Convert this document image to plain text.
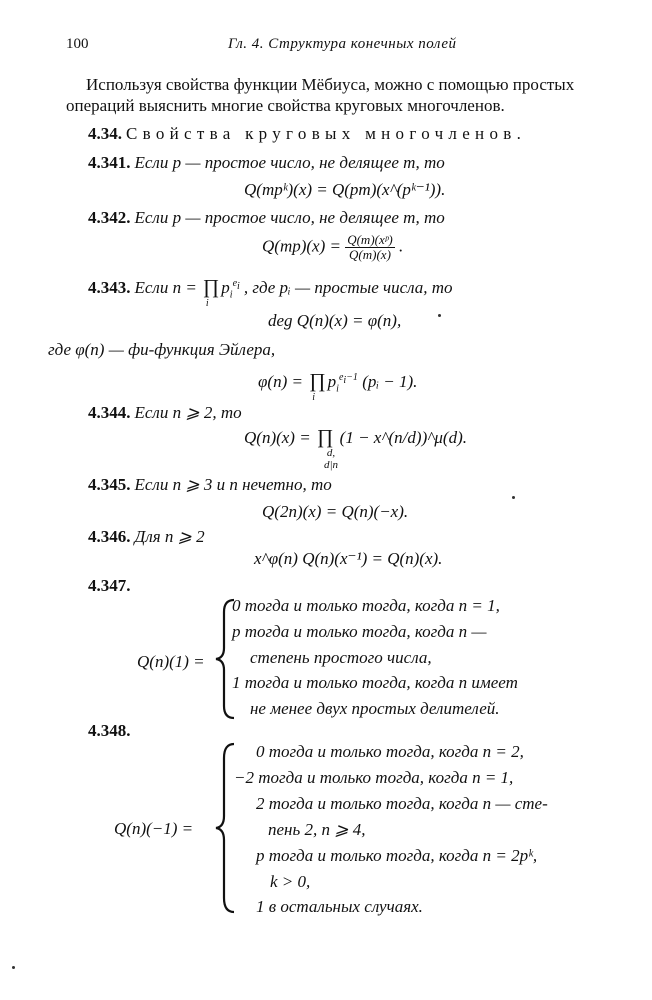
100	Гл. 4. Структура конечных полей
Используя свойства функции Мёбиуса, можно с помощью простых
операций выяснить многие свойства круговых многочленов.
4.34. Свойства круговых многочленов.
4.341. Если p — простое число, не делящее m, то
Q(mpᵏ)(x) = Q(pm)(x^(pᵏ⁻¹)).
4.342. Если p — простое число, не делящее m, то
$Q(mp)(x) = \frac{\text{Q(m)(xᵖ)}}{Q(m)(x)}$ .
4.343. Если n = ∏
i
$p_i^{e_i}$ , где pᵢ — простые числа, то
deg Q(n)(x) = φ(n),
где φ(n) — фи-функция Эйлера,
φ(n) = ∏
i
$p_i^{e_i-1}$ (pᵢ − 1).
4.344. Если n ⩾ 2, то
Q(n)(x) = ∏ (1 − x^(n/d))^μ(d).
d,
d|n
4.345. Если n ⩾ 3 и n нечетно, то
Q(2n)(x) = Q(n)(−x).
4.346. Для n ⩾ 2
x^φ(n) Q(n)(x⁻¹) = Q(n)(x).
4.347.
Q(n)(1) =
0 тогда и только тогда, когда n = 1,
p тогда и только тогда, когда n —
степень простого числа,
1 тогда и только тогда, когда n имеет
не менее двух простых делителей.
4.348.
Q(n)(−1) =
0 тогда и только тогда, когда n = 2,
−2 тогда и только тогда, когда n = 1,
2 тогда и только тогда, когда n — сте-
пень 2, n ⩾ 4,
p тогда и только тогда, когда n = 2pᵏ,
k > 0,
1 в остальных случаях.
